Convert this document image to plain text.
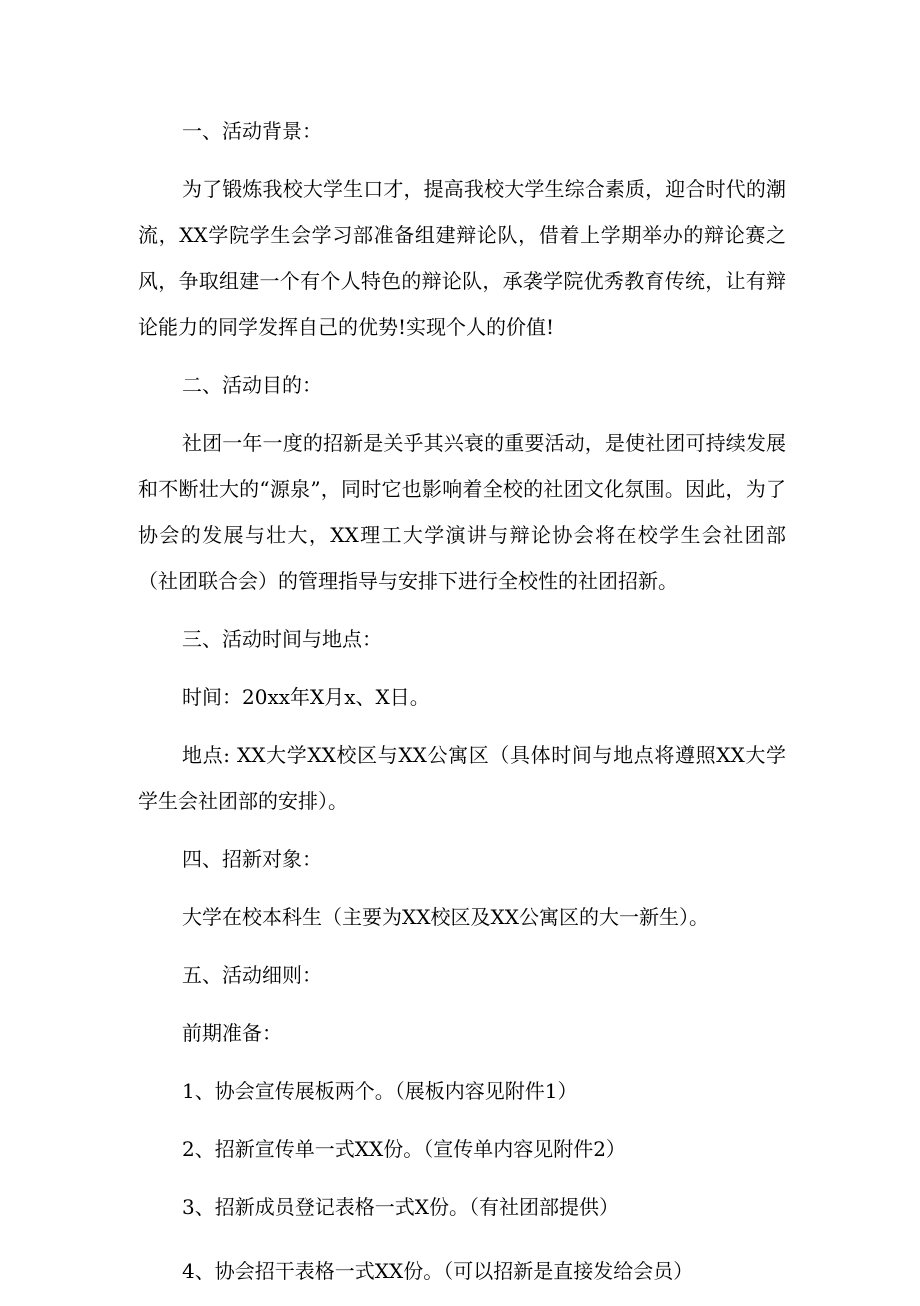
一、活动背景：

为了锻炼我校大学生口才，提高我校大学生综合素质，迎合时代的潮流，XX学院学生会学习部准备组建辩论队，借着上学期举办的辩论赛之风，争取组建一个有个人特色的辩论队，承袭学院优秀教育传统，让有辩论能力的同学发挥自己的优势!实现个人的价值!

二、活动目的：

社团一年一度的招新是关乎其兴衰的重要活动，是使社团可持续发展和不断壮大的“源泉”，同时它也影响着全校的社团文化氛围。因此，为了协会的发展与壮大，XX理工大学演讲与辩论协会将在校学生会社团部（社团联合会）的管理指导与安排下进行全校性的社团招新。

三、活动时间与地点：

时间：20xx年X月x、X日。

地点: XX大学XX校区与XX公寓区（具体时间与地点将遵照XX大学学生会社团部的安排）。

四、招新对象：

大学在校本科生（主要为XX校区及XX公寓区的大一新生）。

五、活动细则：

前期准备：

1、协会宣传展板两个。（展板内容见附件1）

2、招新宣传单一式XX份。（宣传单内容见附件2）

3、招新成员登记表格一式X份。（有社团部提供）

4、协会招干表格一式XX份。（可以招新是直接发给会员）
